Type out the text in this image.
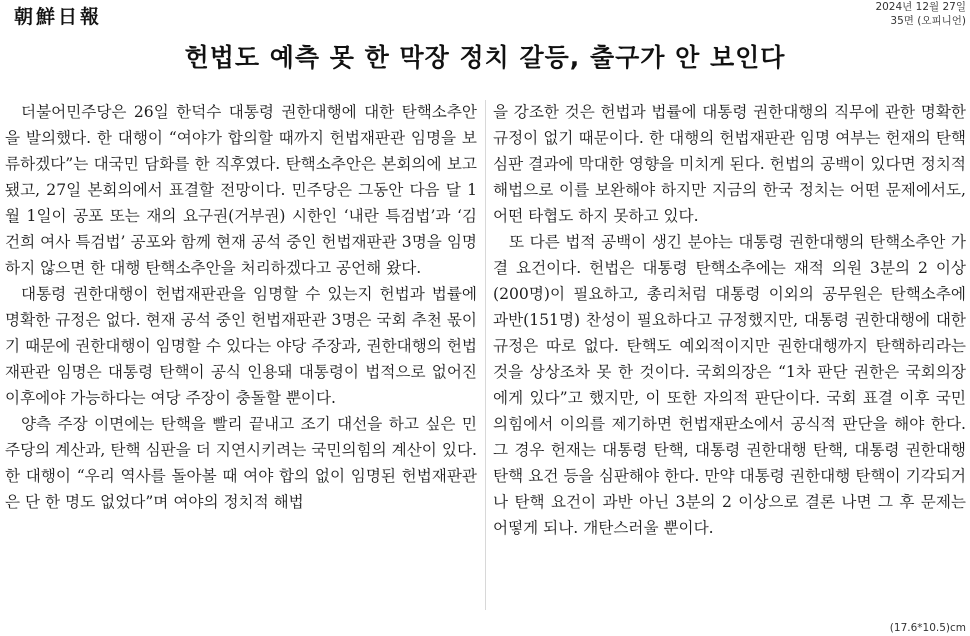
朝鮮日報	2024년 12월 27일
35면 (오피니언)
헌법도 예측 못 한 막장 정치 갈등, 출구가 안 보인다

더불어민주당은 26일 한덕수 대통령 권한대행에 대한 탄핵소추안을 발의했다. 한 대행이 “여야가 합의할 때까지 헌법재판관 임명을 보류하겠다”는 대국민 담화를 한 직후였다. 탄핵소추안은 본회의에 보고됐고, 27일 본회의에서 표결할 전망이다. 민주당은 그동안 다음 달 1월 1일이 공포 또는 재의 요구권(거부권) 시한인 ‘내란 특검법’과 ‘김건희 여사 특검법’ 공포와 함께 현재 공석 중인 헌법재판관 3명을 임명하지 않으면 한 대행 탄핵소추안을 처리하겠다고 공언해 왔다.

대통령 권한대행이 헌법재판관을 임명할 수 있는지 헌법과 법률에 명확한 규정은 없다. 현재 공석 중인 헌법재판관 3명은 국회 추천 몫이기 때문에 권한대행이 임명할 수 있다는 야당 주장과, 권한대행의 헌법재판관 임명은 대통령 탄핵이 공식 인용돼 대통령이 법적으로 없어진 이후에야 가능하다는 여당 주장이 충돌할 뿐이다.

양측 주장 이면에는 탄핵을 빨리 끝내고 조기 대선을 하고 싶은 민주당의 계산과, 탄핵 심판을 더 지연시키려는 국민의힘의 계산이 있다. 한 대행이 “우리 역사를 돌아볼 때 여야 합의 없이 임명된 헌법재판관은 단 한 명도 없었다”며 여야의 정치적 해법

을 강조한 것은 헌법과 법률에 대통령 권한대행의 직무에 관한 명확한 규정이 없기 때문이다. 한 대행의 헌법재판관 임명 여부는 헌재의 탄핵 심판 결과에 막대한 영향을 미치게 된다. 헌법의 공백이 있다면 정치적 해법으로 이를 보완해야 하지만 지금의 한국 정치는 어떤 문제에서도, 어떤 타협도 하지 못하고 있다.

또 다른 법적 공백이 생긴 분야는 대통령 권한대행의 탄핵소추안 가결 요건이다. 헌법은 대통령 탄핵소추에는 재적 의원 3분의 2 이상(200명)이 필요하고, 총리처럼 대통령 이외의 공무원은 탄핵소추에 과반(151명) 찬성이 필요하다고 규정했지만, 대통령 권한대행에 대한 규정은 따로 없다. 탄핵도 예외적이지만 권한대행까지 탄핵하리라는 것을 상상조차 못 한 것이다. 국회의장은 “1차 판단 권한은 국회의장에게 있다”고 했지만, 이 또한 자의적 판단이다. 국회 표결 이후 국민의힘에서 이의를 제기하면 헌법재판소에서 공식적 판단을 해야 한다. 그 경우 헌재는 대통령 탄핵, 대통령 권한대행 탄핵, 대통령 권한대행 탄핵 요건 등을 심판해야 한다. 만약 대통령 권한대행 탄핵이 기각되거나 탄핵 요건이 과반 아닌 3분의 2 이상으로 결론 나면 그 후 문제는 어떻게 되나. 개탄스러울 뿐이다.

(17.6*10.5)cm
